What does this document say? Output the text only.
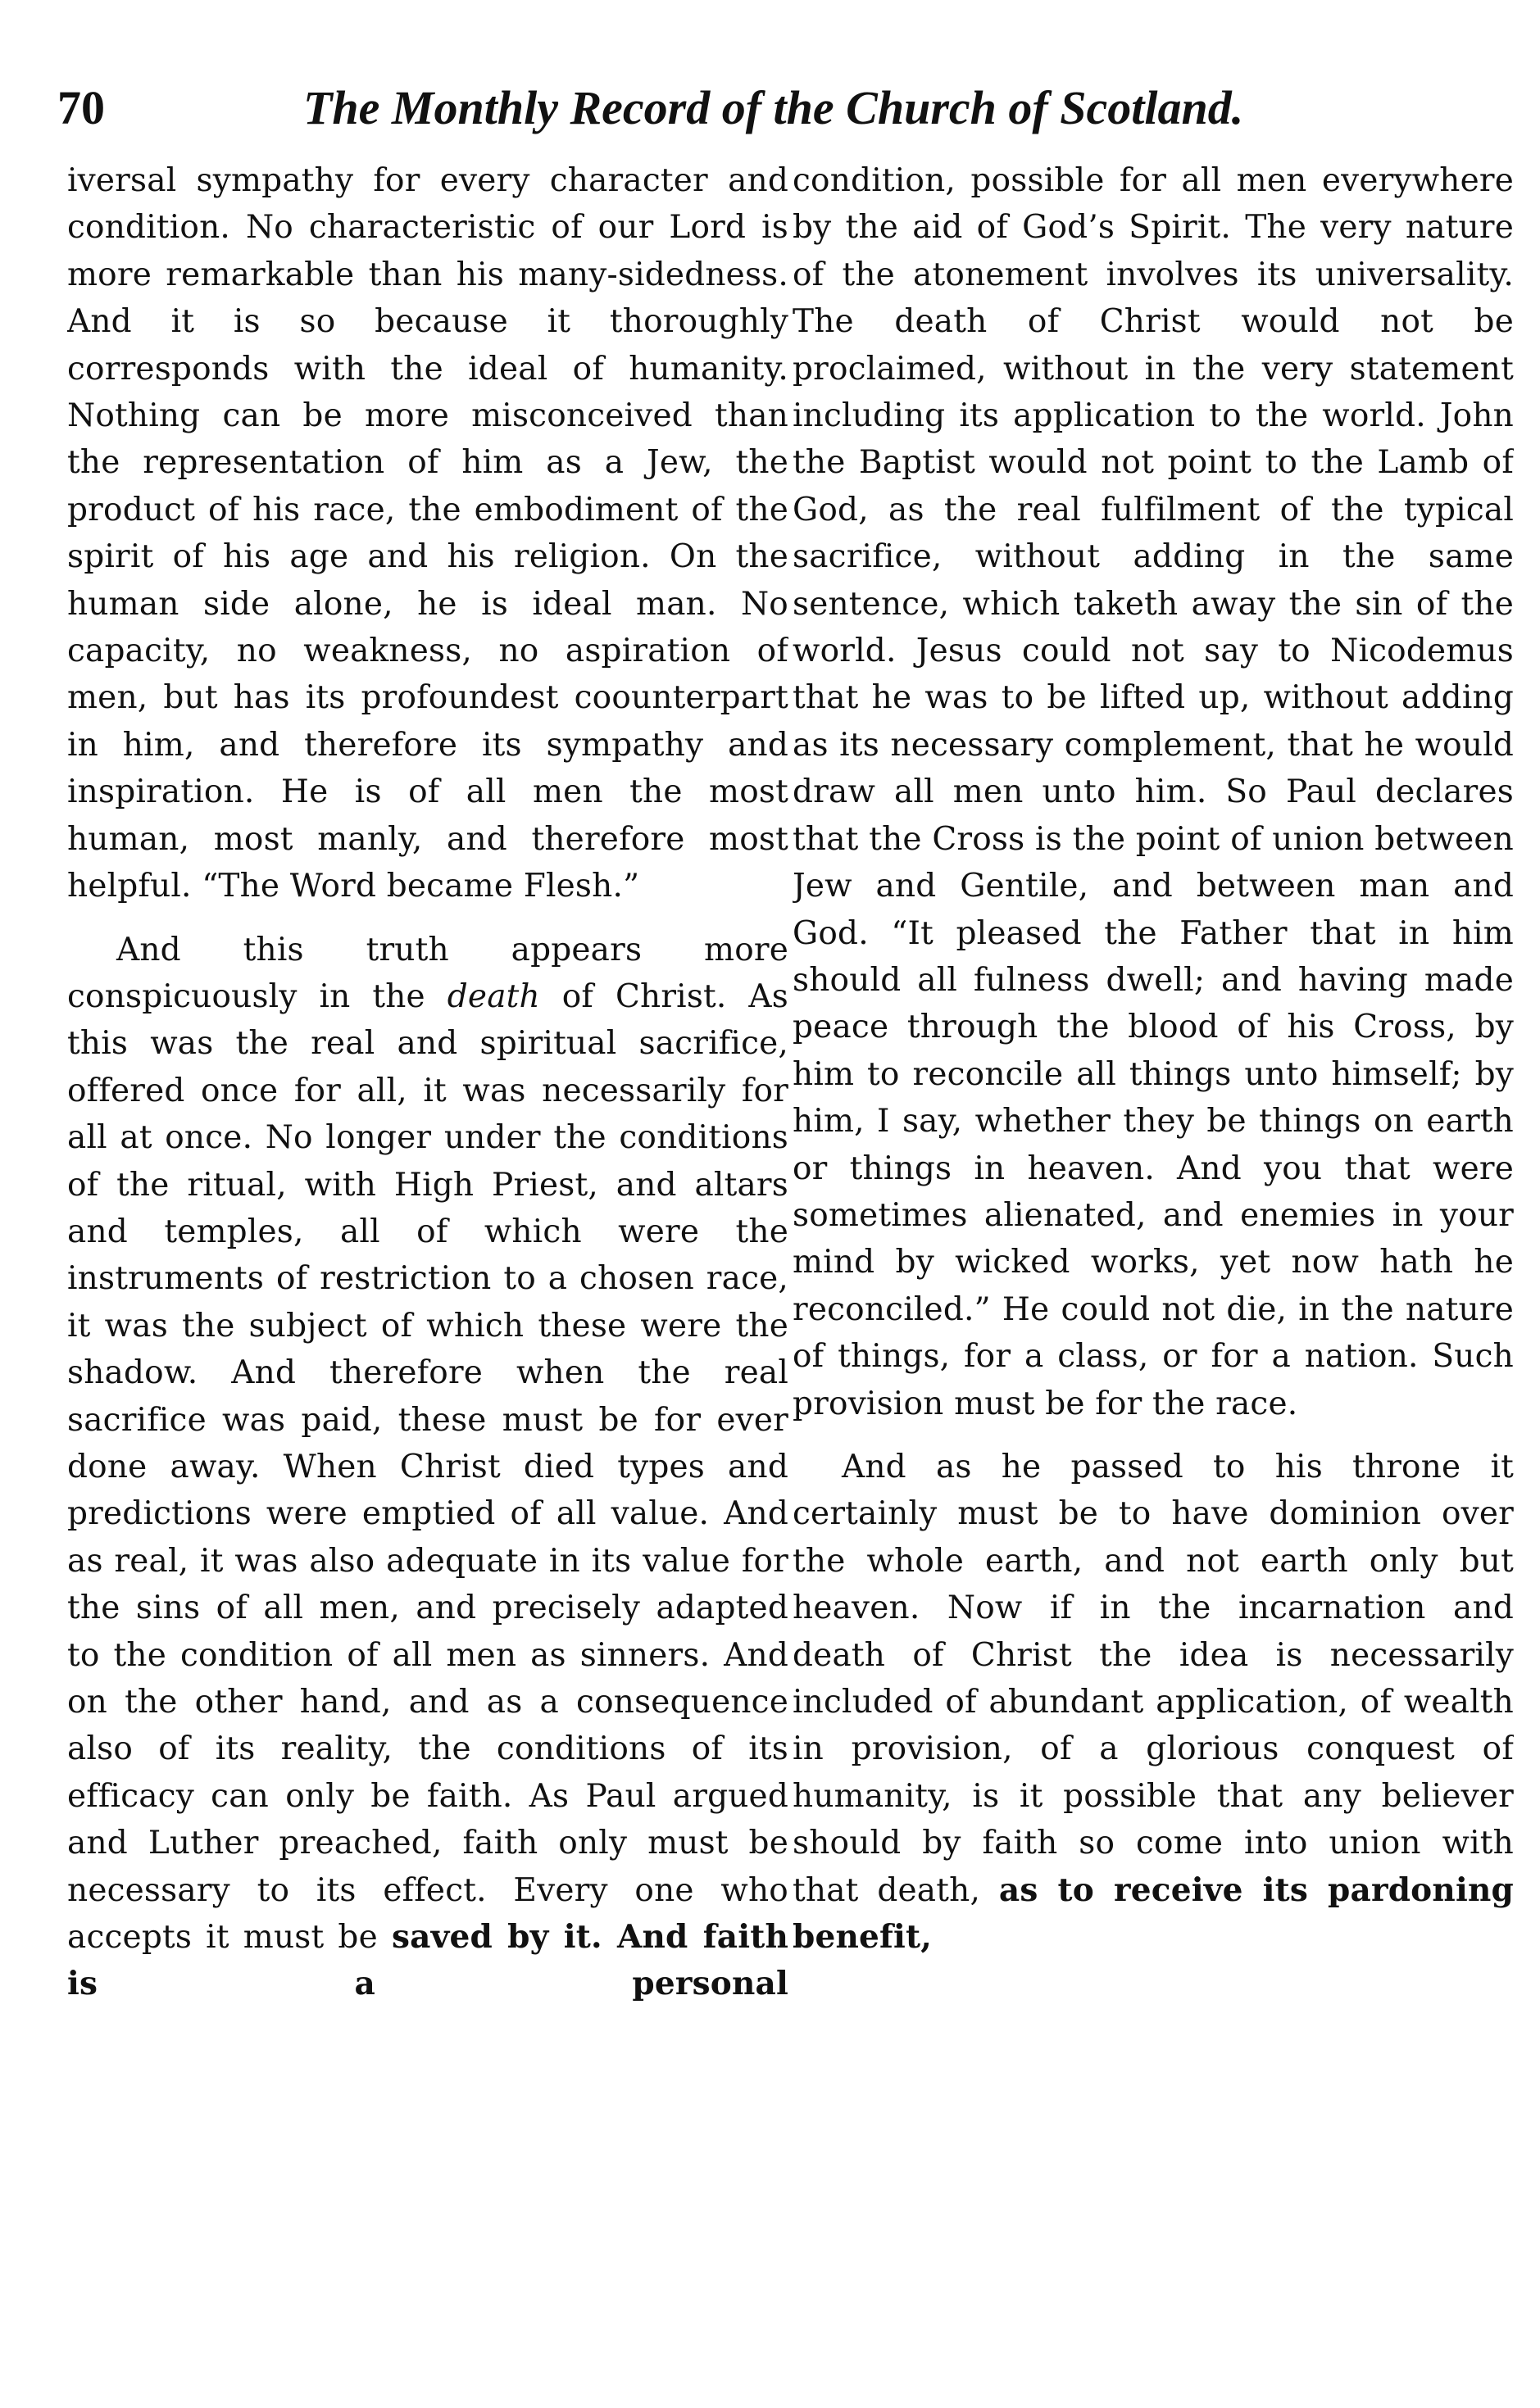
70	The Monthly Record of the Church of Scotland.

iversal sympathy for every character and condition. No characteristic of our Lord is more remarkable than his many-sidedness. And it is so because it thoroughly corresponds with the ideal of humanity. Nothing can be more misconceived than the representation of him as a Jew, the product of his race, the embodiment of the spirit of his age and his religion. On the human side alone, he is ideal man. No capacity, no weakness, no aspiration of men, but has its profoundest coounterpart in him, and therefore its sympathy and inspiration. He is of all men the most human, most manly, and therefore most helpful. “The Word became Flesh.”

And this truth appears more conspicuously in the death of Christ. As this was the real and spiritual sacrifice, offered once for all, it was necessarily for all at once. No longer under the conditions of the ritual, with High Priest, and altars and temples, all of which were the instruments of restriction to a chosen race, it was the subject of which these were the shadow. And therefore when the real sacrifice was paid, these must be for ever done away. When Christ died types and predictions were emptied of all value. And as real, it was also adequate in its value for the sins of all men, and precisely adapted to the condition of all men as sinners. And on the other hand, and as a consequence also of its reality, the conditions of its efficacy can only be faith. As Paul argued and Luther preached, faith only must be necessary to its effect. Every one who accepts it must be saved by it. And faith is a personal

condition, possible for all men everywhere by the aid of God’s Spirit. The very nature of the atonement involves its universality. The death of Christ would not be proclaimed, without in the very statement including its application to the world. John the Baptist would not point to the Lamb of God, as the real fulfilment of the typical sacrifice, without adding in the same sentence, which taketh away the sin of the world. Jesus could not say to Nicodemus that he was to be lifted up, without adding as its necessary complement, that he would draw all men unto him. So Paul declares that the Cross is the point of union between Jew and Gentile, and between man and God. “It pleased the Father that in him should all fulness dwell; and having made peace through the blood of his Cross, by him to reconcile all things unto himself; by him, I say, whether they be things on earth or things in heaven. And you that were sometimes alienated, and enemies in your mind by wicked works, yet now hath he reconciled.” He could not die, in the nature of things, for a class, or for a nation. Such provision must be for the race.

And as he passed to his throne it certainly must be to have dominion over the whole earth, and not earth only but heaven. Now if in the incarnation and death of Christ the idea is necessarily included of abundant application, of wealth in provision, of a glorious conquest of humanity, is it possible that any believer should by faith so come into union with that death, as to receive its pardoning benefit,
